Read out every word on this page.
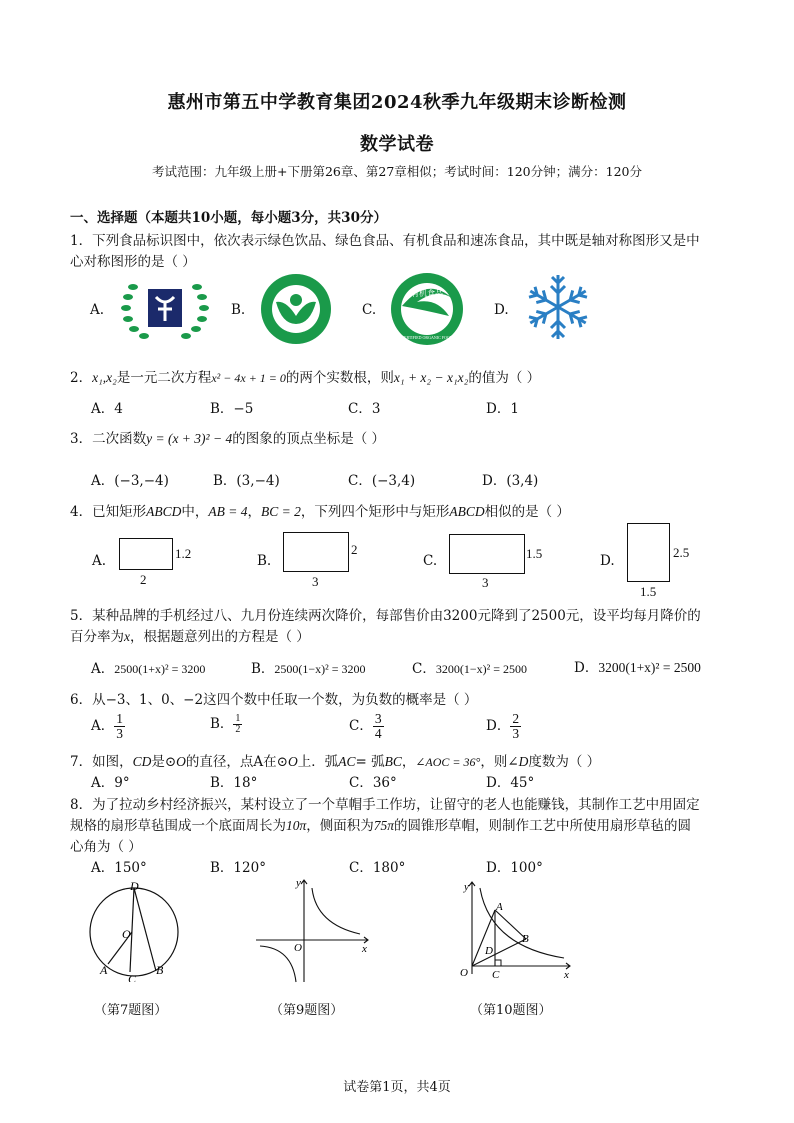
惠州市第五中学教育集团2024秋季九年级期末诊断检测
数学试卷
考试范围：九年级上册+下册第26章、第27章相似；考试时间：120分钟；满分：120分
一、选择题（本题共10小题，每小题3分，共30分）
1．下列食品标识图中，依次表示绿色饮品、绿色食品、有机食品和速冻食品，其中既是轴对称图形又是中
心对称图形的是（ ）
A.	B.	C.
有机食品
CERTIFIED ORGANIC FOOD
D.
2．x₁,x₂是一元二次方程x² − 4x + 1 = 0的两个实数根，则x₁ + x₂ − x₁x₂的值为（ ）
A．4	B．−5	C．3	D．1
3．二次函数y = (x + 3)² − 4的图象的顶点坐标是（ ）
A．(−3,−4)	B．(3,−4)	C．(−3,4)	D．(3,4)
4．已知矩形ABCD中，AB = 4，BC = 2，下列四个矩形中与矩形ABCD相似的是（ ）
A.	1.2
2
B.
2
3
C.	1.5
3
D.
2.5
1.5
5．某种品牌的手机经过八、九月份连续两次降价，每部售价由3200元降到了2500元，设平均每月降价的
百分率为x，根据题意列出的方程是（ ）
A．2500(1+x)² = 3200	B．2500(1−x)² = 3200	C．3200(1−x)² = 2500	D．3200(1+x)² = 2500
6．从−3、1、0、−2这四个数中任取一个数，为负数的概率是（ ）
A． $\frac{1}{3}$	B． $\frac{1}{2}$	C． $\frac{3}{4}$	D． $\frac{2}{3}$
7．如图，CD是⊙O的直径，点A在⊙O上．弧AC= 弧BC，∠AOC = 36°，则∠D度数为（ ）
A．9°	B．18°	C．36°	D．45°
8．为了拉动乡村经济振兴，某村设立了一个草帽手工作坊，让留守的老人也能赚钱，其制作工艺中用固定
规格的扇形草毡围成一个底面周长为10π，侧面积为75π的圆锥形草帽，则制作工艺中所使用扇形草毡的圆
心角为（ ）
A．150°	B．120°	C．180°	D．100°
D
O
A
C
B
（第7题图）
y
O	x
（第9题图）
y
A
D
B
O C	x
（第10题图）
试卷第1页，共4页
